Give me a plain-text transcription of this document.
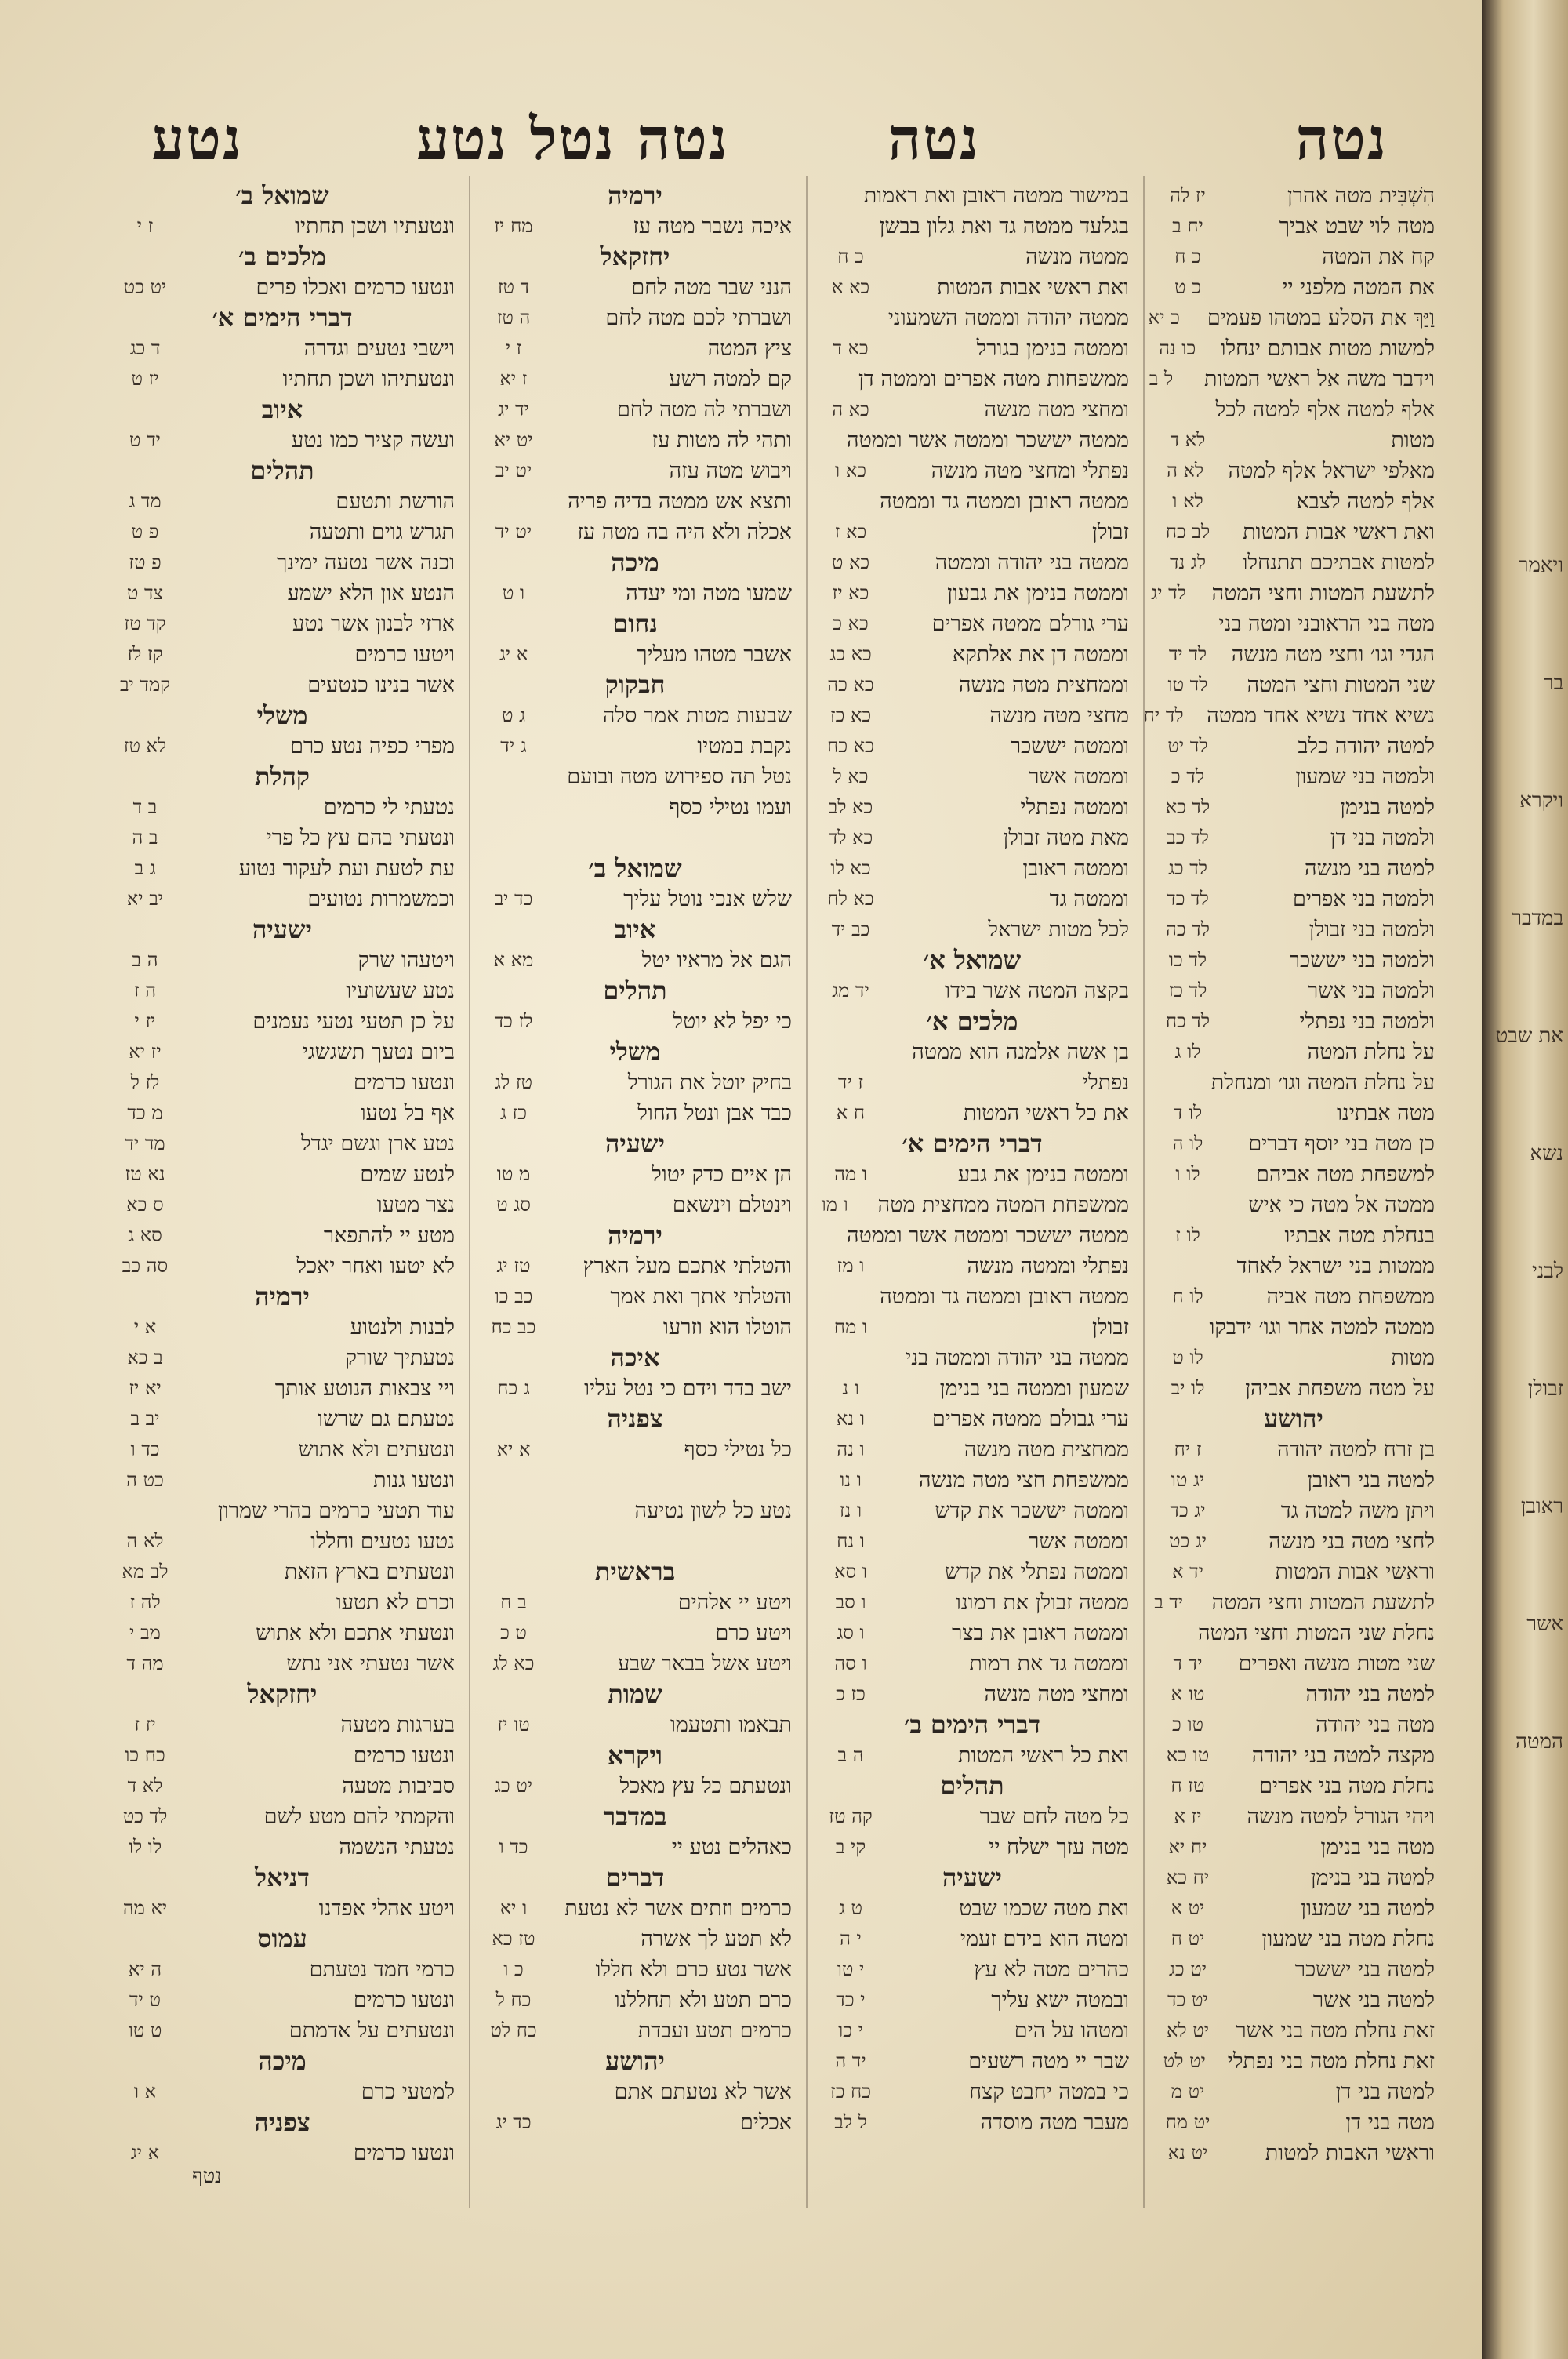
נטה
נטה
נטה נטל נטע
נטע
הִשְׁבִּית מטה אהרן
יז לה
מטה לוי שבט אביך
יח ב
קח את המטה
כ ח
את המטה מלפני יי
כ ט
וַיַּךְ את הסלע במטהו פעמים
כ יא
למשות מטות אבותם ינחלו
כו נה
וידבר משה אל ראשי המטות
ל ב
אלף למטה אלף למטה לכל
מטות
לא ד
מאלפי ישראל אלף למטה
לא ה
אלף למטה לצבא
לא ו
ואת ראשי אבות המטות
לב כח
למטות אבתיכם תתנחלו
לג נד
לתשעת המטות וחצי המטה
לד יג
מטה בני הראובני ומטה בני
הגדי וגו׳ וחצי מטה מנשה
לד יד
שני המטות וחצי המטה
לד טו
נשיא אחד נשיא אחד ממטה
לד יח
למטה יהודה כלב
לד יט
ולמטה בני שמעון
לד כ
למטה בנימן
לד כא
ולמטה בני דן
לד כב
למטה בני מנשה
לד כג
ולמטה בני אפרים
לד כד
ולמטה בני זבולן
לד כה
ולמטה בני יששכר
לד כו
ולמטה בני אשר
לד כז
ולמטה בני נפתלי
לד כח
על נחלת המטה
לו ג
על נחלת המטה וגו׳ ומנחלת
מטה אבתינו
לו ד
כן מטה בני יוסף דברים
לו ה
למשפחת מטה אביהם
לו ו
ממטה אל מטה כי איש
בנחלת מטה אבתיו
לו ז
ממטות בני ישראל לאחד
ממשפחת מטה אביה
לו ח
ממטה למטה אחר וגו׳ ידבקו
מטות
לו ט
על מטה משפחת אביהן
לו יב
יהושע
בן זרח למטה יהודה
ז יח
למטה בני ראובן
יג טו
ויתן משה למטה גד
יג כד
לחצי מטה בני מנשה
יג כט
וראשי אבות המטות
יד א
לתשעת המטות וחצי המטה
יד ב
נחלת שני המטות וחצי המטה
שני מטות מנשה ואפרים
יד ד
למטה בני יהודה
טו א
מטה בני יהודה
טו כ
מקצה למטה בני יהודה
טו כא
נחלת מטה בני אפרים
טז ח
ויהי הגורל למטה מנשה
יז א
מטה בני בנימן
יח יא
למטה בני בנימן
יח כא
למטה בני שמעון
יט א
נחלת מטה בני שמעון
יט ח
למטה בני יששכר
יט כג
למטה בני אשר
יט כד
זאת נחלת מטה בני אשר
יט לא
זאת נחלת מטה בני נפתלי
יט לט
למטה בני דן
יט מ
מטה בני דן
יט מח
וראשי האבות למטות
יט נא
במישור ממטה ראובן ואת ראמות
בגלעד ממטה גד ואת גלון בבשן
ממטה מנשה
כ ח
ואת ראשי אבות המטות
כא א
ממטה יהודה וממטה השמעוני
וממטה בנימן בגורל
כא ד
ממשפחות מטה אפרים וממטה דן
ומחצי מטה מנשה
כא ה
ממטה יששכר וממטה אשר וממטה
נפתלי ומחצי מטה מנשה
כא ו
ממטה ראובן וממטה גד וממטה
זבולן
כא ז
ממטה בני יהודה וממטה
כא ט
וממטה בנימן את גבעון
כא יז
ערי גורלם ממטה אפרים
כא כ
וממטה דן את אלתקא
כא כג
וממחצית מטה מנשה
כא כה
מחצי מטה מנשה
כא כז
וממטה יששכר
כא כח
וממטה אשר
כא ל
וממטה נפתלי
כא לב
מאת מטה זבולן
כא לד
וממטה ראובן
כא לו
וממטה גד
כא לח
לכל מטות ישראל
כב יד
שמואל א׳
בקצה המטה אשר בידו
יד מג
מלכים א׳
בן אשה אלמנה הוא ממטה
נפתלי
ז יד
את כל ראשי המטות
ח א
דברי הימים א׳
וממטה בנימן את גבע
ו מה
ממשפחת המטה ממחצית מטה
ו מו
ממטה יששכר וממטה אשר וממטה
נפתלי וממטה מנשה
ו מז
ממטה ראובן וממטה גד וממטה
זבולן
ו מח
ממטה בני יהודה וממטה בני
שמעון וממטה בני בנימן
ו נ
ערי גבולם ממטה אפרים
ו נא
ממחצית מטה מנשה
ו נה
ממשפחת חצי מטה מנשה
ו נו
וממטה יששכר את קדש
ו נז
וממטה אשר
ו נח
וממטה נפתלי את קדש
ו סא
ממטה זבולן את רמונו
ו סב
וממטה ראובן את בצר
ו סג
וממטה גד את רמות
ו סה
ומחצי מטה מנשה
כז כ
דברי הימים ב׳
ואת כל ראשי המטות
ה ב
תהלים
כל מטה לחם שבר
קה טז
מטה עזך ישלח יי
קי ב
ישעיה
ואת מטה שכמו שבט
ט ג
ומטה הוא בידם זעמי
י ה
כהרים מטה לא עץ
י טו
ובמטה ישא עליך
י כד
ומטהו על הים
י כו
שבר יי מטה רשעים
יד ה
כי במטה יחבט קצח
כח כז
מעבר מטה מוסדה
ל לב
ירמיה
איכה נשבר מטה עז
מח יז
יחזקאל
הנני שבר מטה לחם
ד טז
ושברתי לכם מטה לחם
ה טז
ציץ המטה
ז י
קם למטה רשע
ז יא
ושברתי לה מטה לחם
יד יג
ותהי לה מטות עז
יט יא
ויבוש מטה עזה
יט יב
ותצא אש ממטה בדיה פריה
אכלה ולא היה בה מטה עז
יט יד
מיכה
שמעו מטה ומי יעדה
ו ט
נחום
אשבר מטהו מעליך
א יג
חבקוק
שבעות מטות אמר סלה
ג ט
נקבת במטיו
ג יד
נטל תה ספירוש מטה ובועם
ועמו נטילי כסף
שמואל ב׳
שלש אנכי נוטל עליך
כד יב
איוב
הגם אל מראיו יטל
מא א
תהלים
כי יפל לא יוטל
לז כד
משלי
בחיק יוטל את הגורל
טז לג
כבד אבן ונטל החול
כז ג
ישעיה
הן איים כדק יטול
מ טו
וינטלם וינשאם
סג ט
ירמיה
והטלתי אתכם מעל הארץ
טז יג
והטלתי אתך ואת אמך
כב כו
הוטלו הוא וזרעו
כב כח
איכה
ישב בדד וידם כי נטל עליו
ג כח
צפניה
כל נטילי כסף
א יא
נטע כל לשון נטיעה
בראשית
ויטע יי אלהים
ב ח
ויטע כרם
ט כ
ויטע אשל בבאר שבע
כא לג
שמות
תבאמו ותטעמו
טו יז
ויקרא
ונטעתם כל עץ מאכל
יט כג
במדבר
כאהלים נטע יי
כד ו
דברים
כרמים וזתים אשר לא נטעת
ו יא
לא תטע לך אשרה
טז כא
אשר נטע כרם ולא חללו
כ ו
כרם תטע ולא תחללנו
כח ל
כרמים תטע ועבדת
כח לט
יהושע
אשר לא נטעתם אתם
אכלים
כד יג
שמואל ב׳
ונטעתיו ושכן תחתיו
ז י
מלכים ב׳
ונטעו כרמים ואכלו פרים
יט כט
דברי הימים א׳
וישבי נטעים וגדרה
ד כג
ונטעתיהו ושכן תחתיו
יז ט
איוב
ועשה קציר כמו נטע
יד ט
תהלים
הורשת ותטעם
מד ג
תגרש גוים ותטעה
פ ט
וכנה אשר נטעה ימינך
פ טז
הנטע און הלא ישמע
צד ט
ארזי לבנון אשר נטע
קד טז
ויטעו כרמים
קז לז
אשר בנינו כנטעים
קמד יב
משלי
מפרי כפיה נטע כרם
לא טז
קהלת
נטעתי לי כרמים
ב ד
ונטעתי בהם עץ כל פרי
ב ה
עת לטעת ועת לעקור נטוע
ג ב
וכמשמרות נטועים
יב יא
ישעיה
ויטעהו שרק
ה ב
נטע שעשועיו
ה ז
על כן תטעי נטעי נעמנים
יז י
ביום נטעך תשגשגי
יז יא
ונטעו כרמים
לז ל
אף בל נטעו
מ כד
נטע ארן וגשם יגדל
מד יד
לנטע שמים
נא טז
נצר מטעו
ס כא
מטע יי להתפאר
סא ג
לא יטעו ואחר יאכל
סה כב
ירמיה
לבנות ולנטוע
א י
נטעתיך שורק
ב כא
ויי צבאות הנוטע אותך
יא יז
נטעתם גם שרשו
יב ב
ונטעתים ולא אתוש
כד ו
ונטעו גנות
כט ה
עוד תטעי כרמים בהרי שמרון
נטעו נטעים וחללו
לא ה
ונטעתים בארץ הזאת
לב מא
וכרם לא תטעו
לה ז
ונטעתי אתכם ולא אתוש
מב י
אשר נטעתי אני נתש
מה ד
יחזקאל
בערגות מטעה
יז ז
ונטעו כרמים
כח כו
סביבות מטעה
לא ד
והקמתי להם מטע לשם
לד כט
נטעתי הנשמה
לו לו
דניאל
ויטע אהלי אפדנו
יא מה
עמוס
כרמי חמד נטעתם
ה יא
ונטעו כרמים
ט יד
ונטעתים על אדמתם
ט טו
מיכה
למטעי כרם
א ו
צפניה
ונטעו כרמים
א יג
נטף
ויאמר
בר
ויקרא
במדבר
את שבט
נשא
לבני
זבולן
ראובן
אשר
המטה
